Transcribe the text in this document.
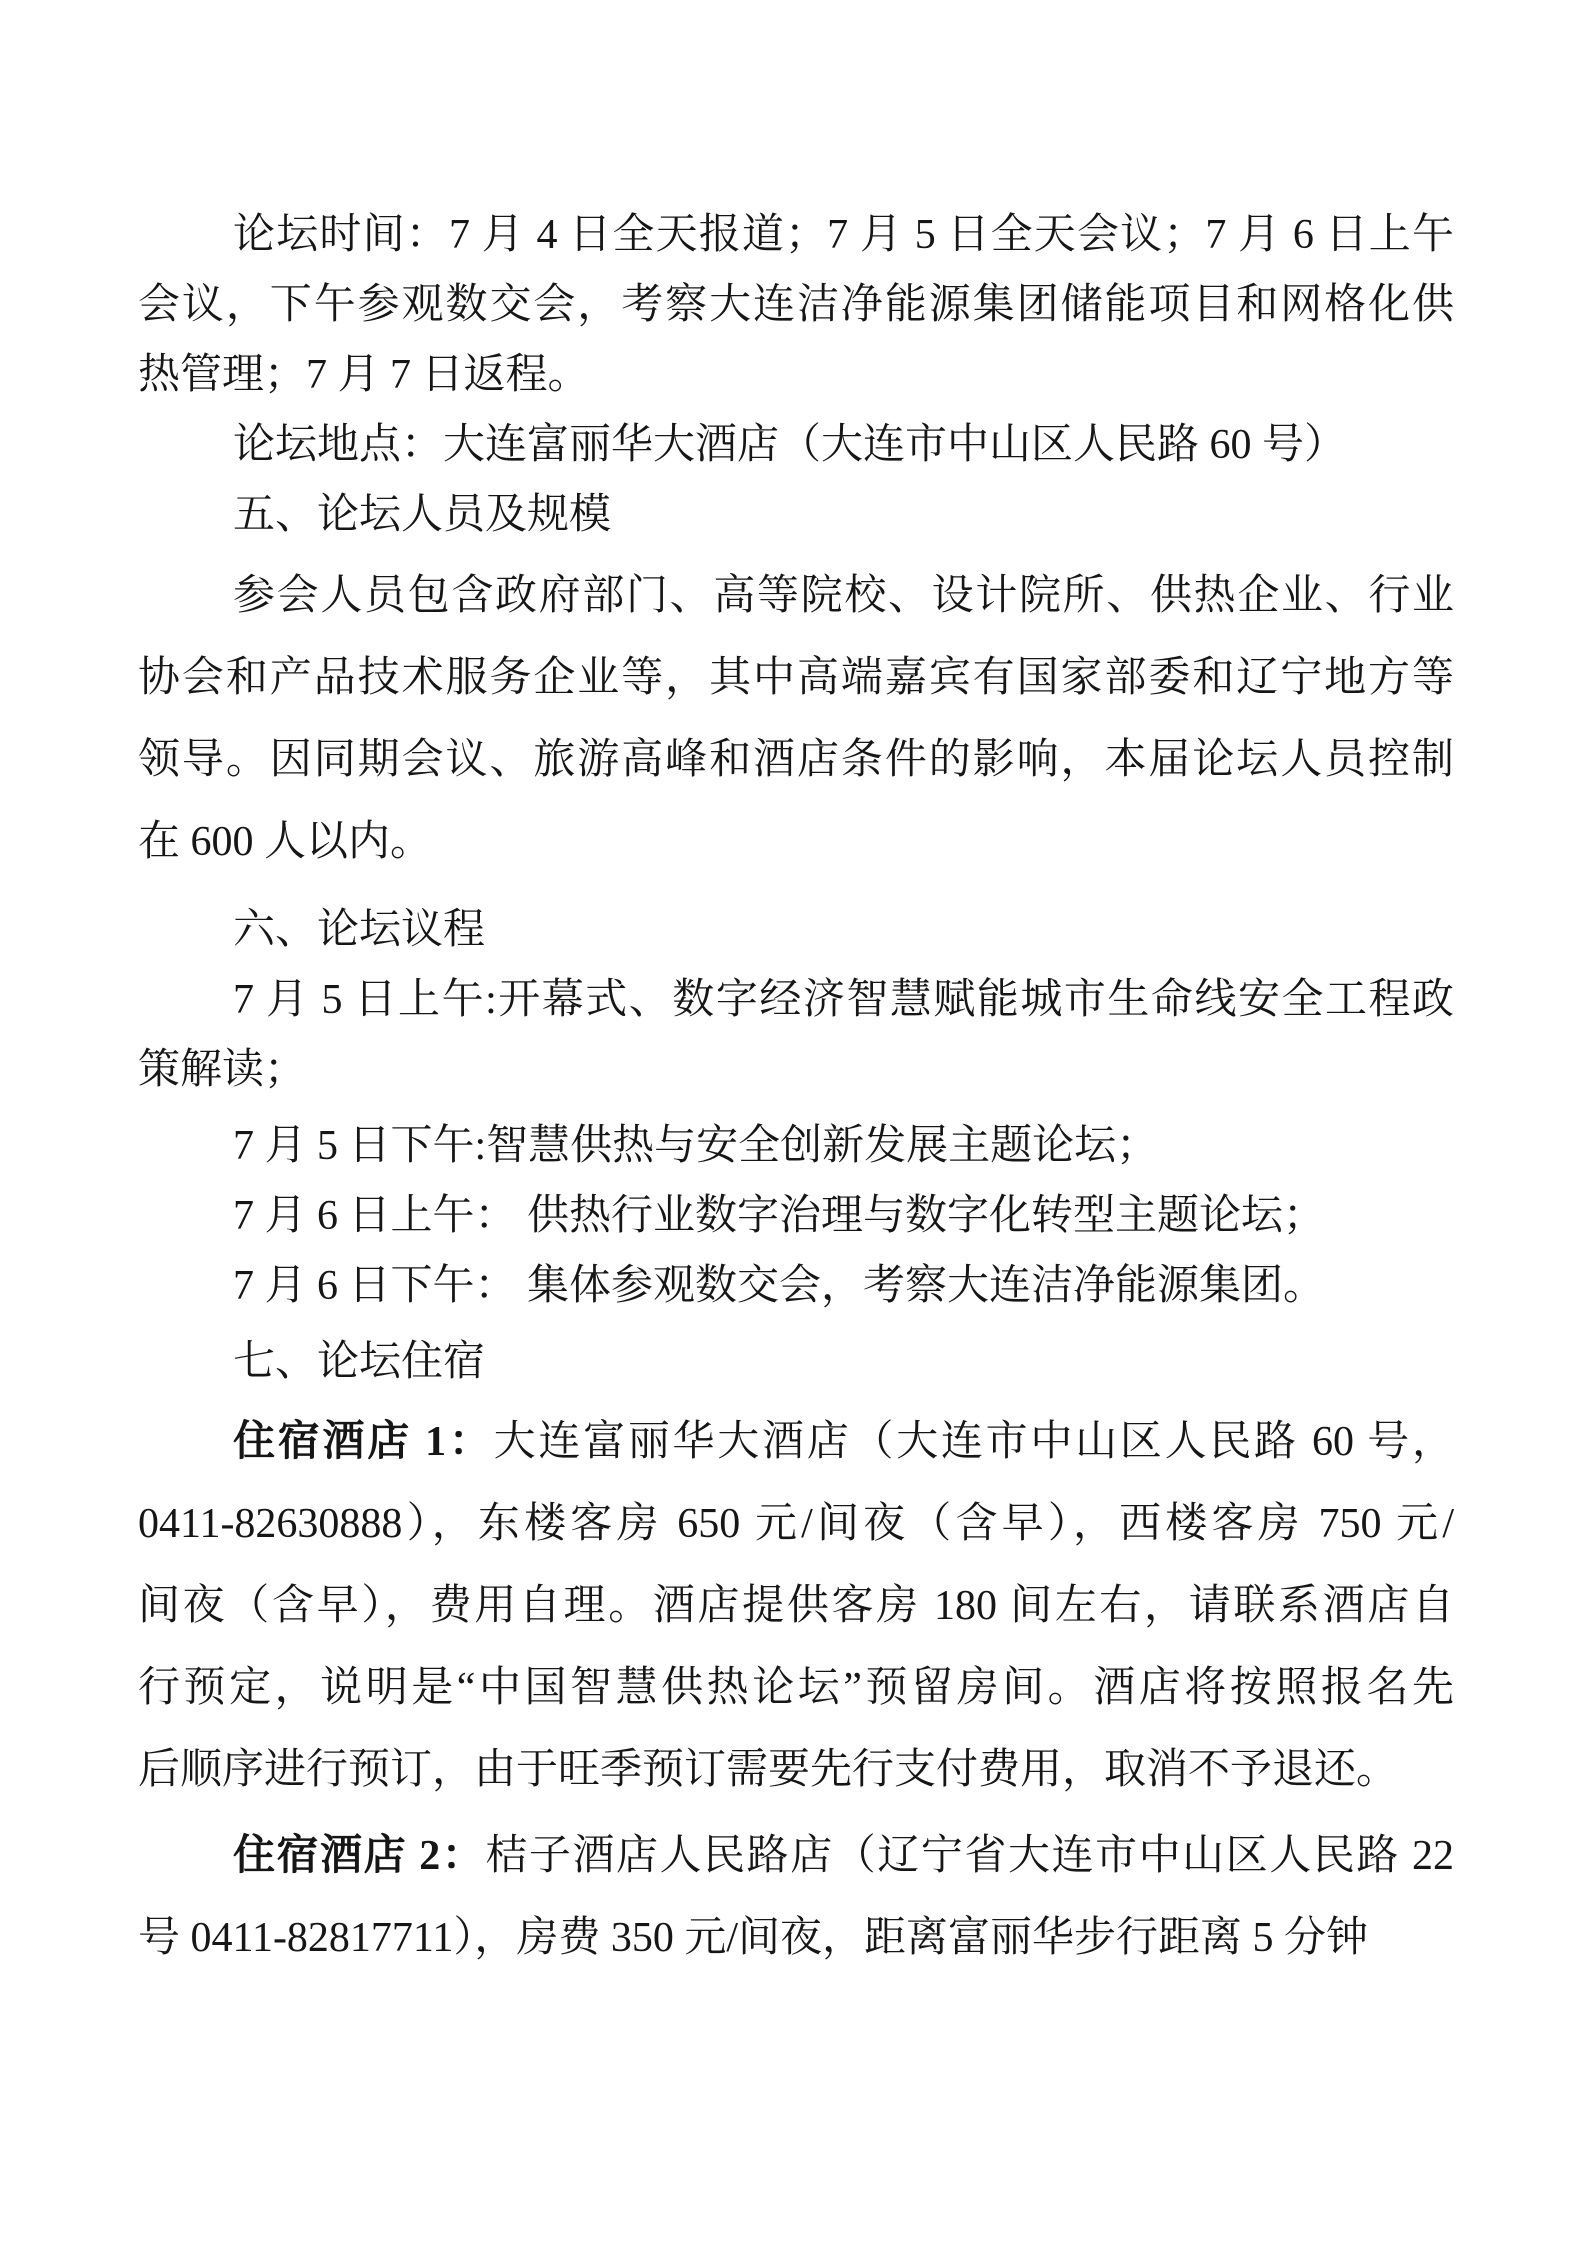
论坛时间：7 月 4 日全天报道；7 月 5 日全天会议；7 月 6 日上午
会议，下午参观数交会，考察大连洁净能源集团储能项目和网格化供
热管理；7 月 7 日返程。
论坛地点：大连富丽华大酒店（大连市中山区人民路 60 号）
五、论坛人员及规模
参会人员包含政府部门、高等院校、设计院所、供热企业、行业
协会和产品技术服务企业等，其中高端嘉宾有国家部委和辽宁地方等
领导。因同期会议、旅游高峰和酒店条件的影响，本届论坛人员控制
在 600 人以内。
六、论坛议程
7 月 5 日上午:开幕式、数字经济智慧赋能城市生命线安全工程政
策解读；
7 月 5 日下午:智慧供热与安全创新发展主题论坛；
7 月 6 日上午： 供热行业数字治理与数字化转型主题论坛；
7 月 6 日下午： 集体参观数交会，考察大连洁净能源集团。
七、论坛住宿
住宿酒店 1：大连富丽华大酒店（大连市中山区人民路 60 号，
0411-82630888），东楼客房 650 元/间夜（含早），西楼客房 750 元/
间夜（含早），费用自理。酒店提供客房 180 间左右，请联系酒店自
行预定，说明是“中国智慧供热论坛”预留房间。酒店将按照报名先
后顺序进行预订，由于旺季预订需要先行支付费用，取消不予退还。
住宿酒店 2：桔子酒店人民路店（辽宁省大连市中山区人民路 22
号 0411-82817711），房费 350 元/间夜，距离富丽华步行距离 5 分钟
